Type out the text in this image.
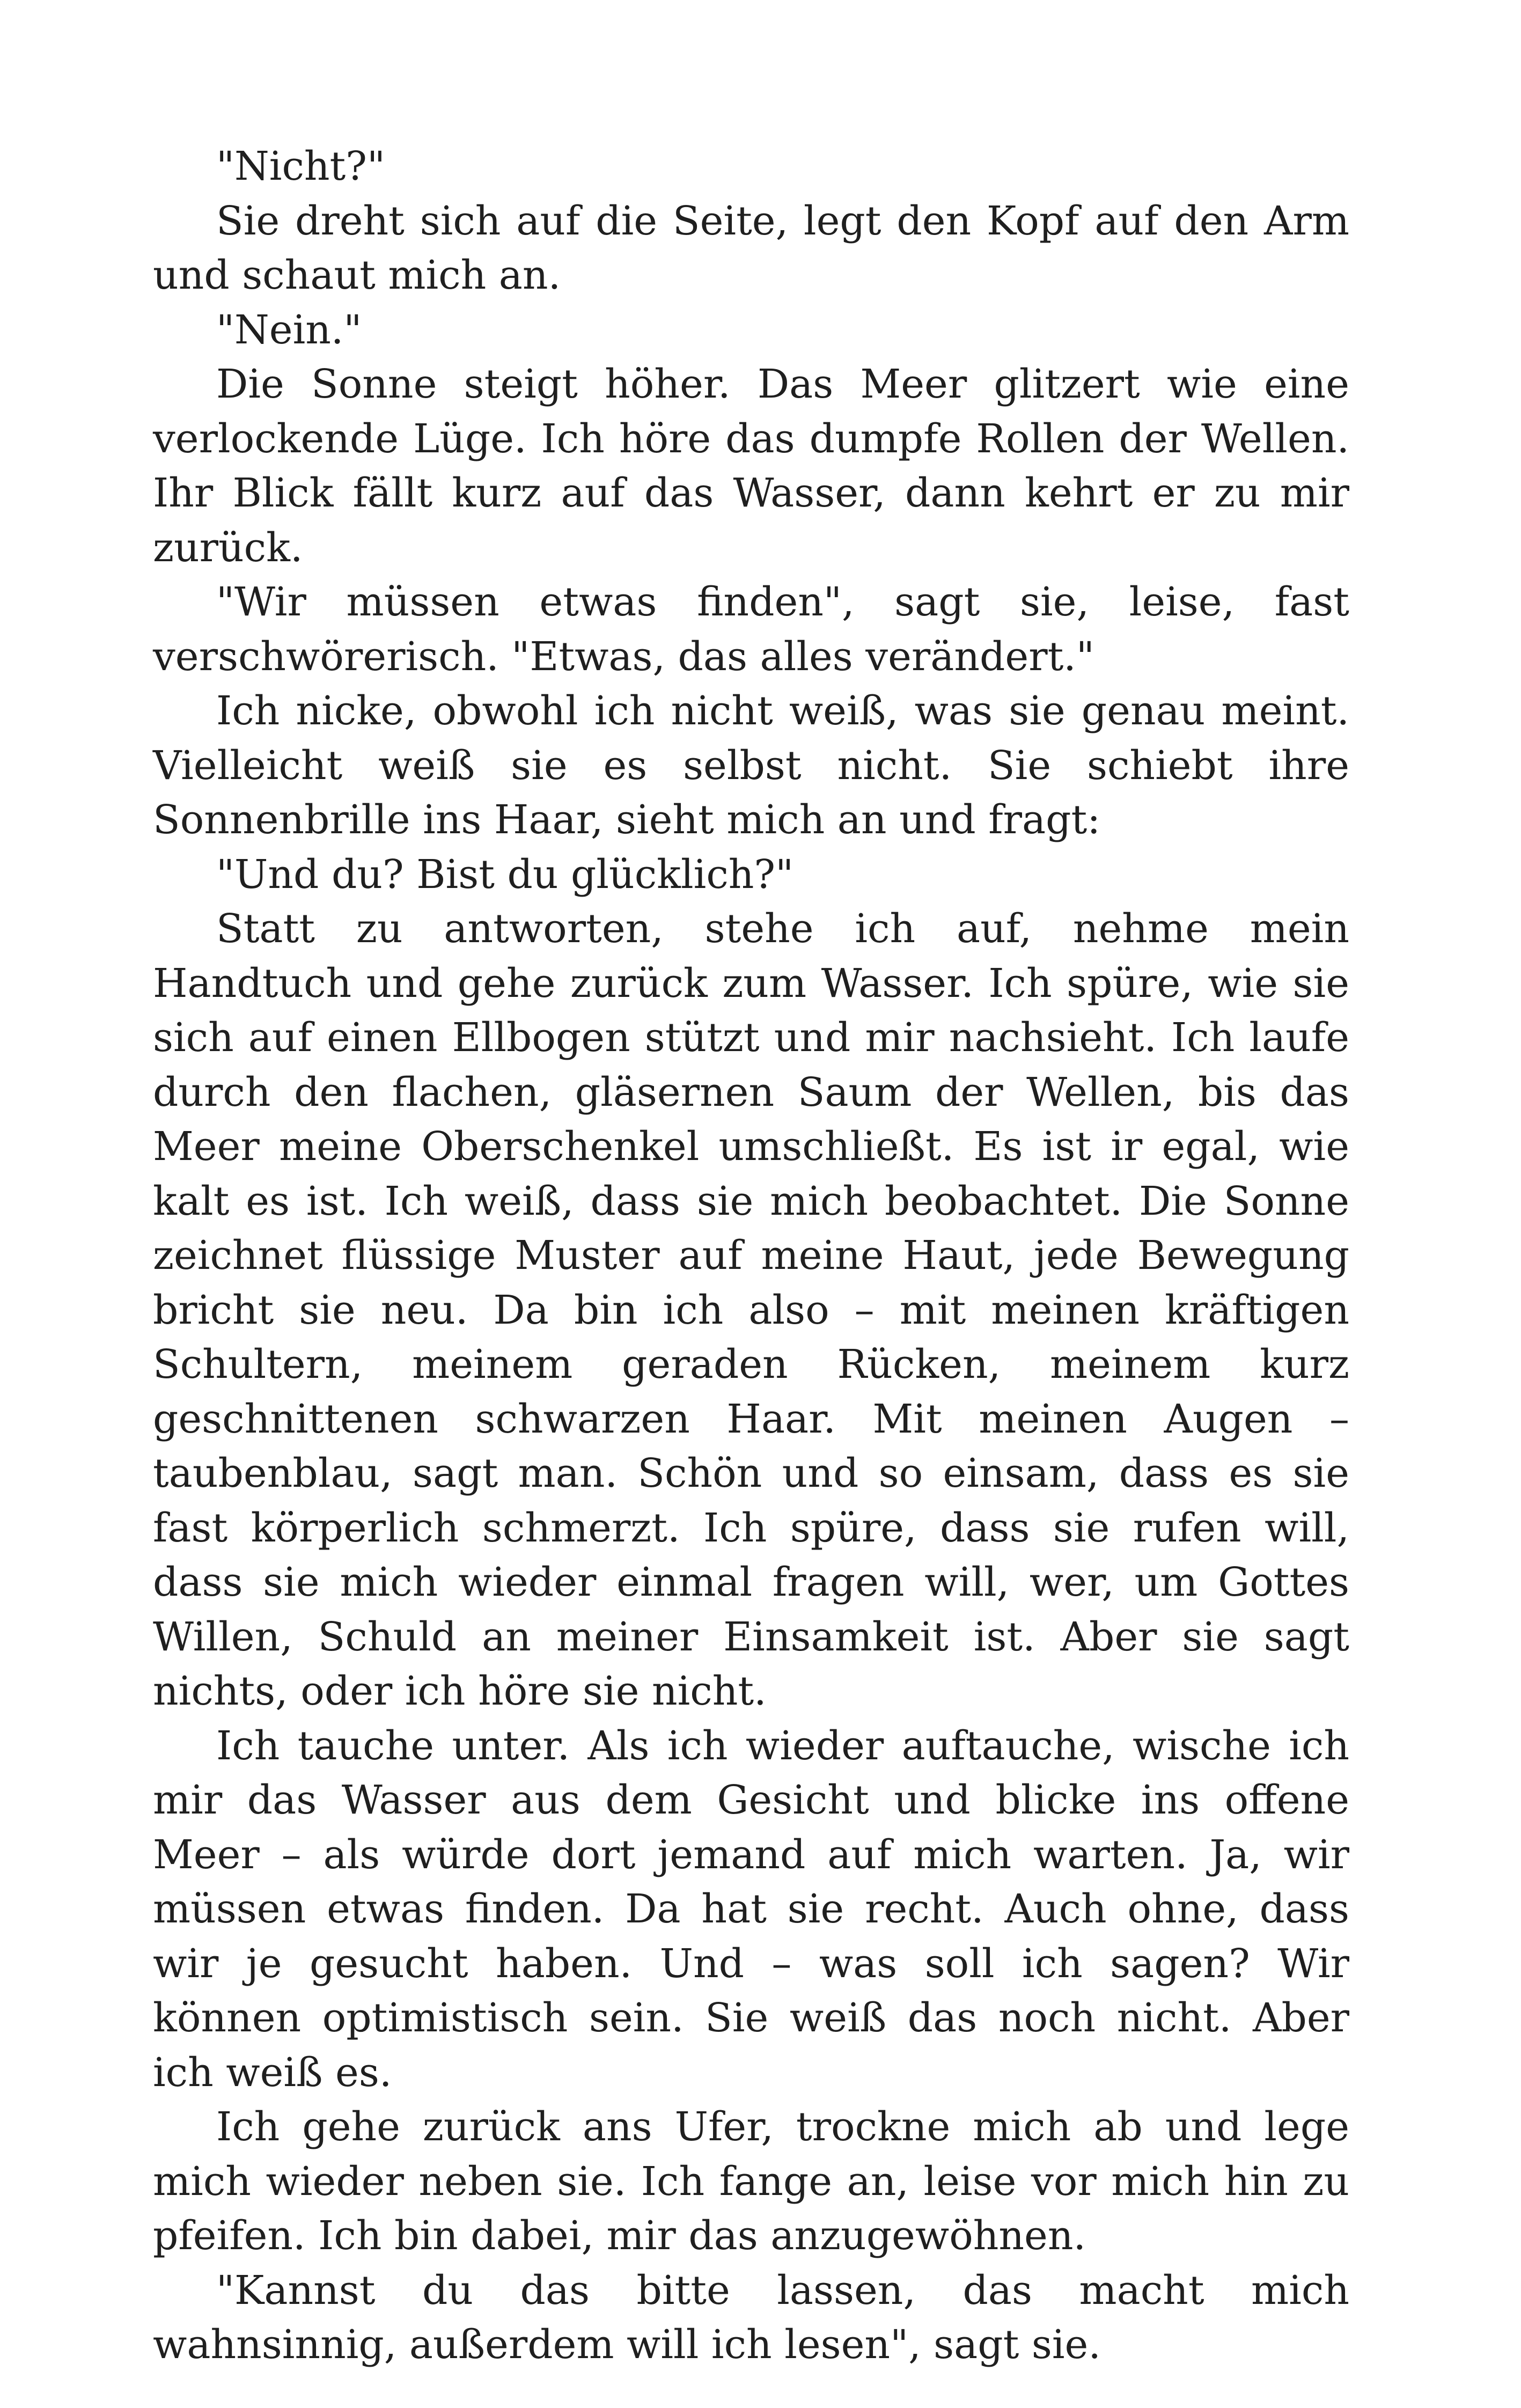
"Nicht?"

Sie dreht sich auf die Seite, legt den Kopf auf den Arm und schaut mich an.

"Nein."

Die Sonne steigt höher. Das Meer glitzert wie eine verlockende Lüge. Ich höre das dumpfe Rollen der Wellen. Ihr Blick fällt kurz auf das Wasser, dann kehrt er zu mir zurück.

"Wir müssen etwas finden", sagt sie, leise, fast verschwörerisch. "Etwas, das alles verändert."

Ich nicke, obwohl ich nicht weiß, was sie genau meint. Vielleicht weiß sie es selbst nicht. Sie schiebt ihre Sonnenbrille ins Haar, sieht mich an und fragt:

"Und du? Bist du glücklich?"

Statt zu antworten, stehe ich auf, nehme mein Handtuch und gehe zurück zum Wasser. Ich spüre, wie sie sich auf einen Ellbogen stützt und mir nachsieht. Ich laufe durch den flachen, gläsernen Saum der Wellen, bis das Meer meine Oberschenkel umschließt. Es ist ir egal, wie kalt es ist. Ich weiß, dass sie mich beobachtet. Die Sonne zeichnet flüssige Muster auf meine Haut, jede Bewegung bricht sie neu. Da bin ich also – mit meinen kräftigen Schultern, meinem geraden Rücken, meinem kurz geschnittenen schwarzen Haar. Mit meinen Augen – taubenblau, sagt man. Schön und so einsam, dass es sie fast körperlich schmerzt. Ich spüre, dass sie rufen will, dass sie mich wieder einmal fragen will, wer, um Gottes Willen, Schuld an meiner Einsamkeit ist. Aber sie sagt nichts, oder ich höre sie nicht.

Ich tauche unter. Als ich wieder auftauche, wische ich mir das Wasser aus dem Gesicht und blicke ins offene Meer – als würde dort jemand auf mich warten. Ja, wir müssen etwas finden. Da hat sie recht. Auch ohne, dass wir je gesucht haben. Und – was soll ich sagen? Wir können optimistisch sein. Sie weiß das noch nicht. Aber ich weiß es.

Ich gehe zurück ans Ufer, trockne mich ab und lege mich wieder neben sie. Ich fange an, leise vor mich hin zu pfeifen. Ich bin dabei, mir das anzugewöhnen.

"Kannst du das bitte lassen, das macht mich wahnsinnig, außerdem will ich lesen", sagt sie.
